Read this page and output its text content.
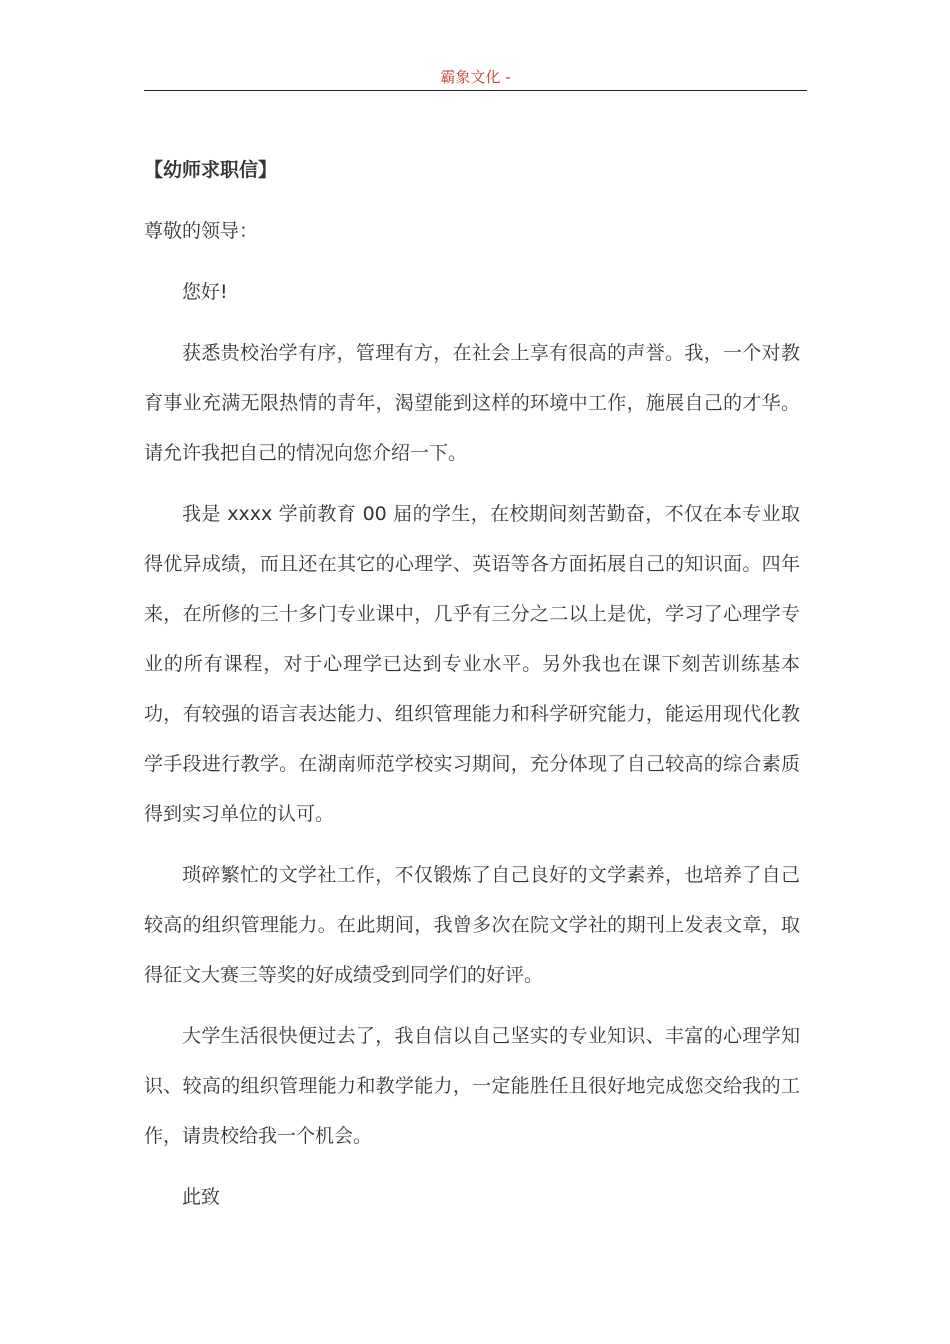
霸象文化 -

【幼师求职信】

尊敬的领导：

您好!

获悉贵校治学有序，管理有方，在社会上享有很高的声誉。我，一个对教育事业充满无限热情的青年，渴望能到这样的环境中工作，施展自己的才华。请允许我把自己的情况向您介绍一下。

我是 xxxx 学前教育 00 届的学生，在校期间刻苦勤奋，不仅在本专业取得优异成绩，而且还在其它的心理学、英语等各方面拓展自己的知识面。四年来，在所修的三十多门专业课中，几乎有三分之二以上是优，学习了心理学专业的所有课程，对于心理学已达到专业水平。另外我也在课下刻苦训练基本功，有较强的语言表达能力、组织管理能力和科学研究能力，能运用现代化教学手段进行教学。在湖南师范学校实习期间，充分体现了自己较高的综合素质得到实习单位的认可。

琐碎繁忙的文学社工作，不仅锻炼了自己良好的文学素养，也培养了自己较高的组织管理能力。在此期间，我曾多次在院文学社的期刊上发表文章，取得征文大赛三等奖的好成绩受到同学们的好评。

大学生活很快便过去了，我自信以自己坚实的专业知识、丰富的心理学知识、较高的组织管理能力和教学能力，一定能胜任且很好地完成您交给我的工作，请贵校给我一个机会。

此致
